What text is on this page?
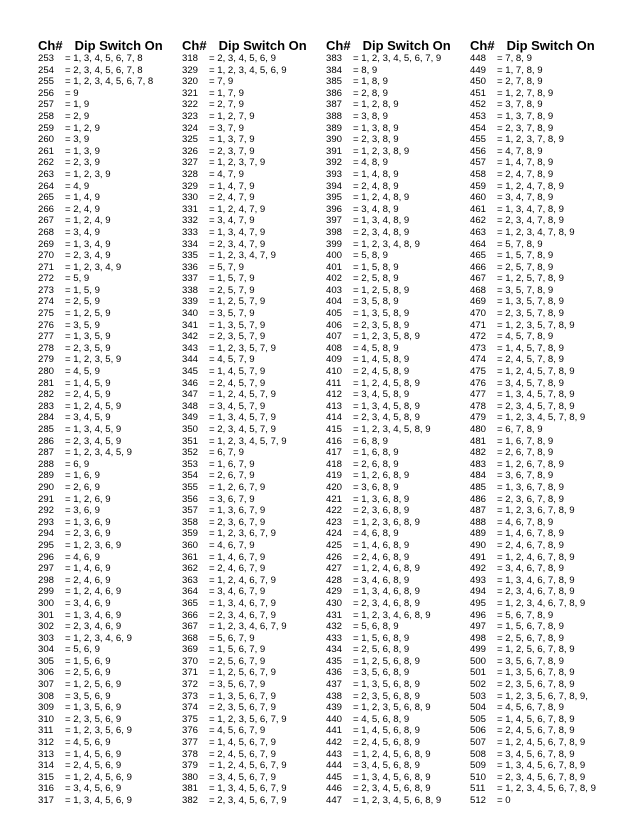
Ch# Dip Switch On
253 = 1, 3, 4, 5, 6, 7, 8
254 = 2, 3, 4, 5, 6, 7, 8
255 = 1, 2, 3, 4, 5, 6, 7, 8
256 = 9
257 = 1, 9
258 = 2, 9
259 = 1, 2, 9
260 = 3, 9
261 = 1, 3, 9
262 = 2, 3, 9
263 = 1, 2, 3, 9
264 = 4, 9
265 = 1, 4, 9
266 = 2, 4, 9
267 = 1, 2, 4, 9
268 = 3, 4, 9
269 = 1, 3, 4, 9
270 = 2, 3, 4, 9
271 = 1, 2, 3, 4, 9
272 = 5, 9
273 = 1, 5, 9
274 = 2, 5, 9
275 = 1, 2, 5, 9
276 = 3, 5, 9
277 = 1, 3, 5, 9
278 = 2, 3, 5, 9
279 = 1, 2, 3, 5, 9
280 = 4, 5, 9
281 = 1, 4, 5, 9
282 = 2, 4, 5, 9
283 = 1, 2, 4, 5, 9
284 = 3, 4, 5, 9
285 = 1, 3, 4, 5, 9
286 = 2, 3, 4, 5, 9
287 = 1, 2, 3, 4, 5, 9
288 = 6, 9
289 = 1, 6, 9
290 = 2, 6, 9
291 = 1, 2, 6, 9
292 = 3, 6, 9
293 = 1, 3, 6, 9
294 = 2, 3, 6, 9
295 = 1, 2, 3, 6, 9
296 = 4, 6, 9
297 = 1, 4, 6, 9
298 = 2, 4, 6, 9
299 = 1, 2, 4, 6, 9
300 = 3, 4, 6, 9
301 = 1, 3, 4, 6, 9
302 = 2, 3, 4, 6, 9
303 = 1, 2, 3, 4, 6, 9
304 = 5, 6, 9
305 = 1, 5, 6, 9
306 = 2, 5, 6, 9
307 = 1, 2, 5, 6, 9
308 = 3, 5, 6, 9
309 = 1, 3, 5, 6, 9
310 = 2, 3, 5, 6, 9
311 = 1, 2, 3, 5, 6, 9
312 = 4, 5, 6, 9
313 = 1, 4, 5, 6, 9
314 = 2, 4, 5, 6, 9
315 = 1, 2, 4, 5, 6, 9
316 = 3, 4, 5, 6, 9
317 = 1, 3, 4, 5, 6, 9
Ch# Dip Switch On
318 = 2, 3, 4, 5, 6, 9
329 = 1, 2, 3, 4, 5, 6, 9
320 = 7, 9
321 = 1, 7, 9
322 = 2, 7, 9
323 = 1, 2, 7, 9
324 = 3, 7, 9
325 = 1, 3, 7, 9
326 = 2, 3, 7, 9
327 = 1, 2, 3, 7, 9
328 = 4, 7, 9
329 = 1, 4, 7, 9
330 = 2, 4, 7, 9
331 = 1, 2, 4, 7, 9
332 = 3, 4, 7, 9
333 = 1, 3, 4, 7, 9
334 = 2, 3, 4, 7, 9
335 = 1, 2, 3, 4, 7, 9
336 = 5, 7, 9
337 = 1, 5, 7, 9
338 = 2, 5, 7, 9
339 = 1, 2, 5, 7, 9
340 = 3, 5, 7, 9
341 = 1, 3, 5, 7, 9
342 = 2, 3, 5, 7, 9
343 = 1, 2, 3, 5, 7, 9
344 = 4, 5, 7, 9
345 = 1, 4, 5, 7, 9
346 = 2, 4, 5, 7, 9
347 = 1, 2, 4, 5, 7, 9
348 = 3, 4, 5, 7, 9
349 = 1, 3, 4, 5, 7, 9
350 = 2, 3, 4, 5, 7, 9
351 = 1, 2, 3, 4, 5, 7, 9
352 = 6, 7, 9
353 = 1, 6, 7, 9
354 = 2, 6, 7, 9
355 = 1, 2, 6, 7, 9
356 = 3, 6, 7, 9
357 = 1, 3, 6, 7, 9
358 = 2, 3, 6, 7, 9
359 = 1, 2, 3, 6, 7, 9
360 = 4, 6, 7, 9
361 = 1, 4, 6, 7, 9
362 = 2, 4, 6, 7, 9
363 = 1, 2, 4, 6, 7, 9
364 = 3, 4, 6, 7, 9
365 = 1, 3, 4, 6, 7, 9
366 = 2, 3, 4, 6, 7, 9
367 = 1, 2, 3, 4, 6, 7, 9
368 = 5, 6, 7, 9
369 = 1, 5, 6, 7, 9
370 = 2, 5, 6, 7, 9
371 = 1, 2, 5, 6, 7, 9
372 = 3, 5, 6, 7, 9
373 = 1, 3, 5, 6, 7, 9
374 = 2, 3, 5, 6, 7, 9
375 = 1, 2, 3, 5, 6, 7, 9
376 = 4, 5, 6, 7, 9
377 = 1, 4, 5, 6, 7, 9
378 = 2, 4, 5, 6, 7, 9
379 = 1, 2, 4, 5, 6, 7, 9
380 = 3, 4, 5, 6, 7, 9
381 = 1, 3, 4, 5, 6, 7, 9
382 = 2, 3, 4, 5, 6, 7, 9
Ch# Dip Switch On
383 = 1, 2, 3, 4, 5, 6, 7, 9
384 = 8, 9
385 = 1, 8, 9
386 = 2, 8, 9
387 = 1, 2, 8, 9
388 = 3, 8, 9
389 = 1, 3, 8, 9
390 = 2, 3, 8, 9
391 = 1, 2, 3, 8, 9
392 = 4, 8, 9
393 = 1, 4, 8, 9
394 = 2, 4, 8, 9
395 = 1, 2, 4, 8, 9
396 = 3, 4, 8, 9
397 = 1, 3, 4, 8, 9
398 = 2, 3, 4, 8, 9
399 = 1, 2, 3, 4, 8, 9
400 = 5, 8, 9
401 = 1, 5, 8, 9
402 = 2, 5, 8, 9
403 = 1, 2, 5, 8, 9
404 = 3, 5, 8, 9
405 = 1, 3, 5, 8, 9
406 = 2, 3, 5, 8, 9
407 = 1, 2, 3, 5, 8, 9
408 = 4, 5, 8, 9
409 = 1, 4, 5, 8, 9
410 = 2, 4, 5, 8, 9
411 = 1, 2, 4, 5, 8, 9
412 = 3, 4, 5, 8, 9
413 = 1, 3, 4, 5, 8, 9
414 = 2, 3, 4, 5, 8, 9
415 = 1, 2, 3, 4, 5, 8, 9
416 = 6, 8, 9
417 = 1, 6, 8, 9
418 = 2, 6, 8, 9
419 = 1, 2, 6, 8, 9
420 = 3, 6, 8, 9
421 = 1, 3, 6, 8, 9
422 = 2, 3, 6, 8, 9
423 = 1, 2, 3, 6, 8, 9
424 = 4, 6, 8, 9
425 = 1, 4, 6, 8, 9
426 = 2, 4, 6, 8, 9
427 = 1, 2, 4, 6, 8, 9
428 = 3, 4, 6, 8, 9
429 = 1, 3, 4, 6, 8, 9
430 = 2, 3, 4, 6, 8, 9
431 = 1, 2, 3, 4, 6, 8, 9
432 = 5, 6, 8, 9
433 = 1, 5, 6, 8, 9
434 = 2, 5, 6, 8, 9
435 = 1, 2, 5, 6, 8, 9
436 = 3, 5, 6, 8, 9
437 = 1, 3, 5, 6, 8, 9
438 = 2, 3, 5, 6, 8, 9
439 = 1, 2, 3, 5, 6, 8, 9
440 = 4, 5, 6, 8, 9
441 = 1, 4, 5, 6, 8, 9
442 = 2, 4, 5, 6, 8, 9
443 = 1, 2, 4, 5, 6, 8, 9
444 = 3, 4, 5, 6, 8, 9
445 = 1, 3, 4, 5, 6, 8, 9
446 = 2, 3, 4, 5, 6, 8, 9
447 = 1, 2, 3, 4, 5, 6, 8, 9
Ch# Dip Switch On
448 = 7, 8, 9
449 = 1, 7, 8, 9
450 = 2, 7, 8, 9
451 = 1, 2, 7, 8, 9
452 = 3, 7, 8, 9
453 = 1, 3, 7, 8, 9
454 = 2, 3, 7, 8, 9
455 = 1, 2, 3, 7, 8, 9
456 = 4, 7, 8, 9
457 = 1, 4, 7, 8, 9
458 = 2, 4, 7, 8, 9
459 = 1, 2, 4, 7, 8, 9
460 = 3, 4, 7, 8, 9
461 = 1, 3, 4, 7, 8, 9
462 = 2, 3, 4, 7, 8, 9
463 = 1, 2, 3, 4, 7, 8, 9
464 = 5, 7, 8, 9
465 = 1, 5, 7, 8, 9
466 = 2, 5, 7, 8, 9
467 = 1, 2, 5, 7, 8, 9
468 = 3, 5, 7, 8, 9
469 = 1, 3, 5, 7, 8, 9
470 = 2, 3, 5, 7, 8, 9
471 = 1, 2, 3, 5, 7, 8, 9
472 = 4, 5, 7, 8, 9
473 = 1, 4, 5, 7, 8, 9
474 = 2, 4, 5, 7, 8, 9
475 = 1, 2, 4, 5, 7, 8, 9
476 = 3, 4, 5, 7, 8, 9
477 = 1, 3, 4, 5, 7, 8, 9
478 = 2, 3, 4, 5, 7, 8, 9
479 = 1, 2, 3, 4, 5, 7, 8, 9
480 = 6, 7, 8, 9
481 = 1, 6, 7, 8, 9
482 = 2, 6, 7, 8, 9
483 = 1, 2, 6, 7, 8, 9
484 = 3, 6, 7, 8, 9
485 = 1, 3, 6, 7, 8, 9
486 = 2, 3, 6, 7, 8, 9
487 = 1, 2, 3, 6, 7, 8, 9
488 = 4, 6, 7, 8, 9
489 = 1, 4, 6, 7, 8, 9
490 = 2, 4, 6, 7, 8, 9
491 = 1, 2, 4, 6, 7, 8, 9
492 = 3, 4, 6, 7, 8, 9
493 = 1, 3, 4, 6, 7, 8, 9
494 = 2, 3, 4, 6, 7, 8, 9
495 = 1, 2, 3, 4, 6, 7, 8, 9
496 = 5, 6, 7, 8, 9
497 = 1, 5, 6, 7, 8, 9
498 = 2, 5, 6, 7, 8, 9
499 = 1, 2, 5, 6, 7, 8, 9
500 = 3, 5, 6, 7, 8, 9
501 = 1, 3, 5, 6, 7, 8, 9
502 = 2, 3, 5, 6, 7, 8, 9
503 = 1, 2, 3, 5, 6, 7, 8, 9,
504 = 4, 5, 6, 7, 8, 9
505 = 1, 4, 5, 6, 7, 8, 9
506 = 2, 4, 5, 6, 7, 8, 9
507 = 1, 2, 4, 5, 6, 7, 8, 9
508 = 3, 4, 5, 6, 7, 8, 9
509 = 1, 3, 4, 5, 6, 7, 8, 9
510 = 2, 3, 4, 5, 6, 7, 8, 9
511 = 1, 2, 3, 4, 5, 6, 7, 8, 9
512 = 0
